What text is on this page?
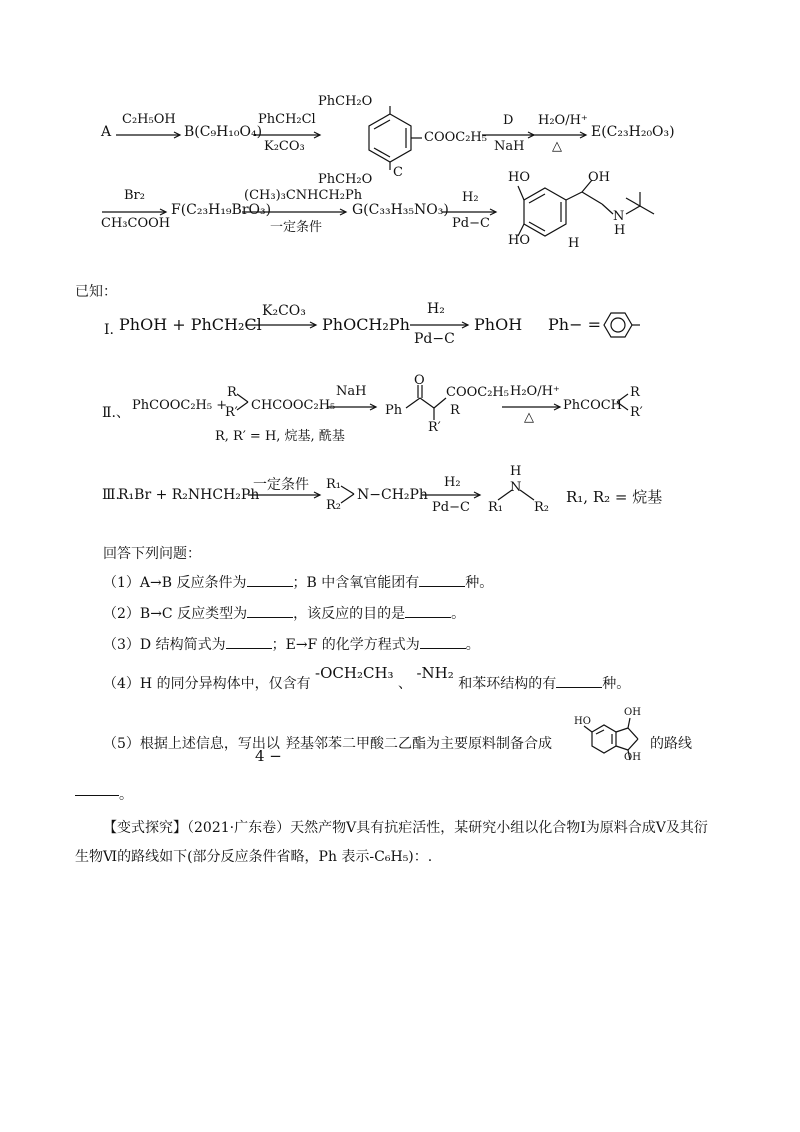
A
C₂H₅OH
B(C₉H₁₀O₄)
PhCH₂Cl
K₂CO₃
PhCH₂O
PhCH₂O
COOC₂H₅
C
D
NaH
H₂O/H⁺
△
E(C₂₃H₂₀O₃)
Br₂
CH₃COOH
F(C₂₃H₁₉BrO₃)
(CH₃)₃CNHCH₂Ph
一定条件
G(C₃₃H₃₅NO₃)
H₂
Pd−C
HO
HO
OH
N
H
H
已知：
Ⅰ. PhOH + PhCH₂Cl
K₂CO₃
PhOCH₂Ph
H₂
Pd−C
PhOH Ph− =
Ⅱ.、 PhCOOC₂H₅ +
R
R′ CHCOOC₂H₅
NaH
R, R′ = H, 烷基, 酰基
O
Ph
COOC₂H₅
R
R′
H₂O/H⁺
△
PhCOCH
R
R′
Ⅲ.
R₁Br + R₂NHCH₂Ph
一定条件 R₁
R₂
N−CH₂Ph
H₂
Pd−C
H
N
R₁ R₂
R₁, R₂ = 烷基
回答下列问题：
（1）A→B 反应条件为	；B 中含氧官能团有	种。
（2）B→C 反应类型为	，该反应的目的是	。
（3）D 结构简式为	；E→F 的化学方程式为	。
（4）H 的同分异构体中，仅含有 -OCH₂CH₃ 、 -NH₂ 和苯环结构的有	种。
（5）根据上述信息，写出以
4 −
羟基邻苯二甲酸二乙酯为主要原料制备合成
HO
OH
OH
的路线
。
【变式探究】（2021·广东卷）天然产物Ⅴ具有抗疟活性，某研究小组以化合物Ⅰ为原料合成Ⅴ及其衍
生物Ⅵ的路线如下(部分反应条件省略，Ph 表示-C₆H₅)：.
